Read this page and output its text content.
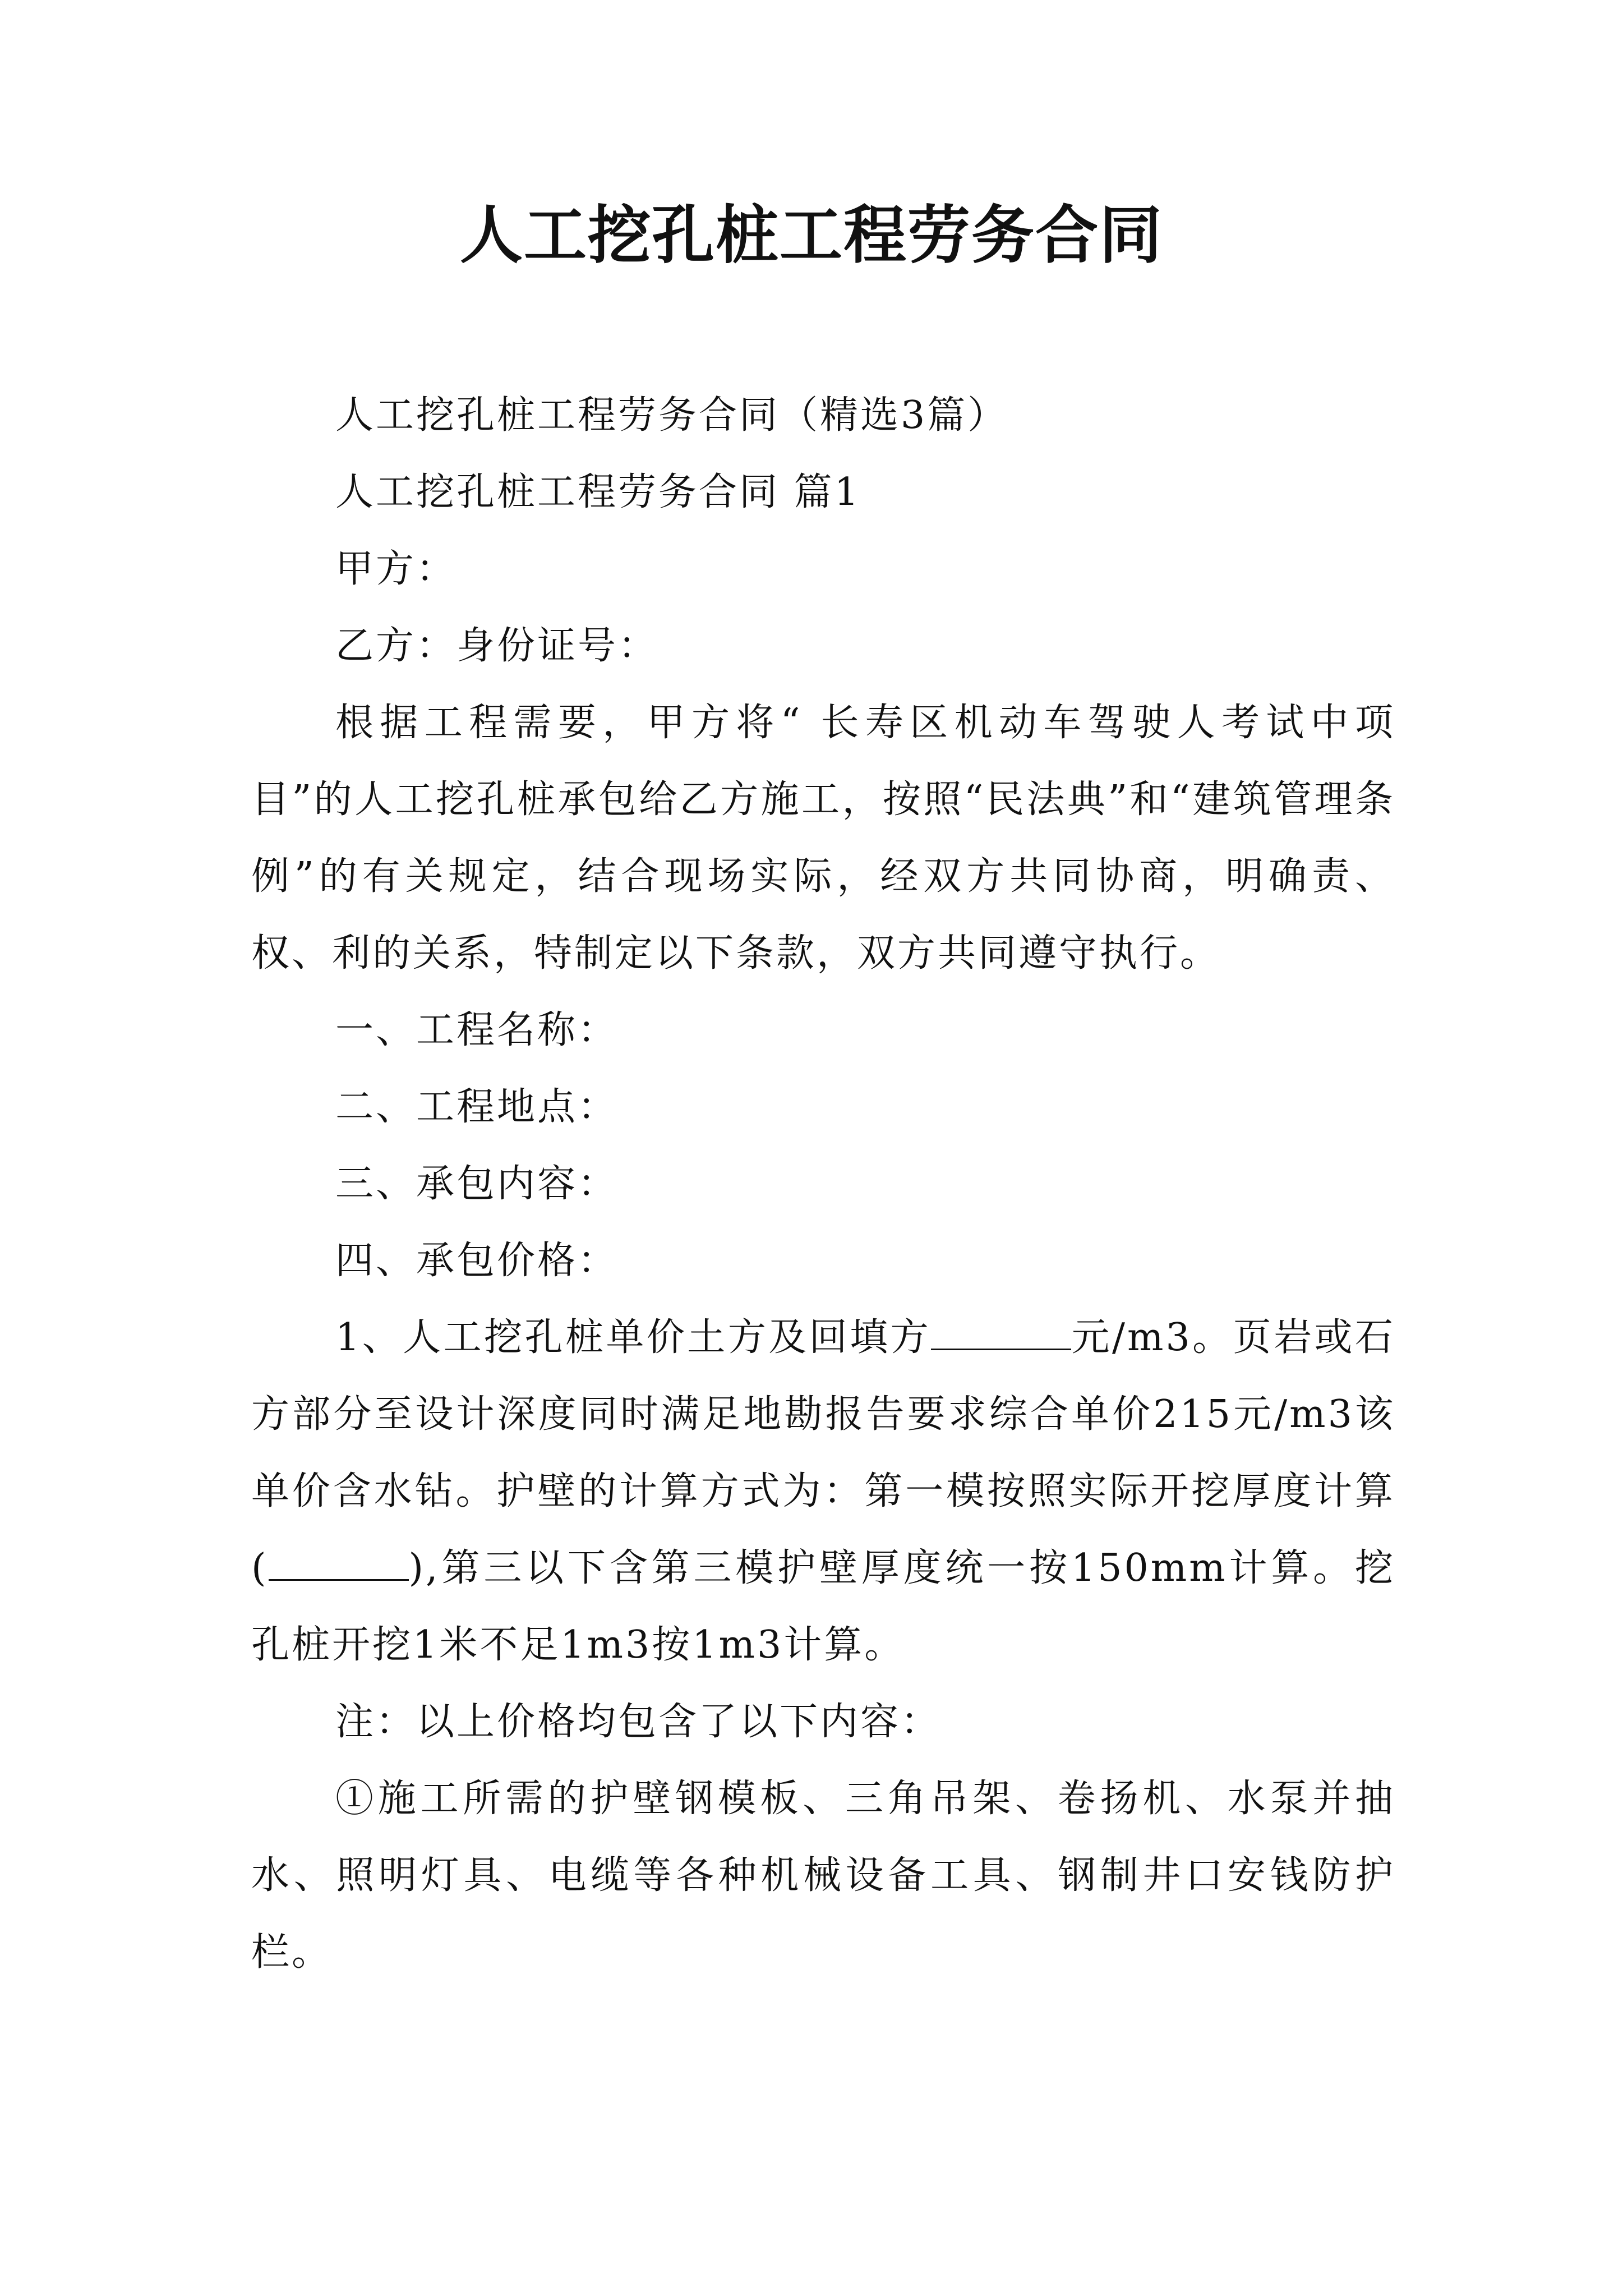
人工挖孔桩工程劳务合同

人工挖孔桩工程劳务合同（精选3篇）

人工挖孔桩工程劳务合同 篇1

甲方：

乙方：身份证号：

根据工程需要，甲方将“ 长寿区机动车驾驶人考试中项目”的人工挖孔桩承包给乙方施工，按照“民法典”和“建筑管理条例”的有关规定，结合现场实际，经双方共同协商，明确责、权、利的关系，特制定以下条款，双方共同遵守执行。

一、工程名称：

二、工程地点：

三、承包内容：

四、承包价格：

1、人工挖孔桩单价土方及回填方	元/m3。页岩或石方部分至设计深度同时满足地勘报告要求综合单价215元/m3该单价含水钻。护壁的计算方式为：第一模按照实际开挖厚度计算(	),第三以下含第三模护壁厚度统一按150mm计算。挖孔桩开挖1米不足1m3按1m3计算。

注：以上价格均包含了以下内容：

①施工所需的护壁钢模板、三角吊架、卷扬机、水泵并抽水、照明灯具、电缆等各种机械设备工具、钢制井口安钱防护栏。
